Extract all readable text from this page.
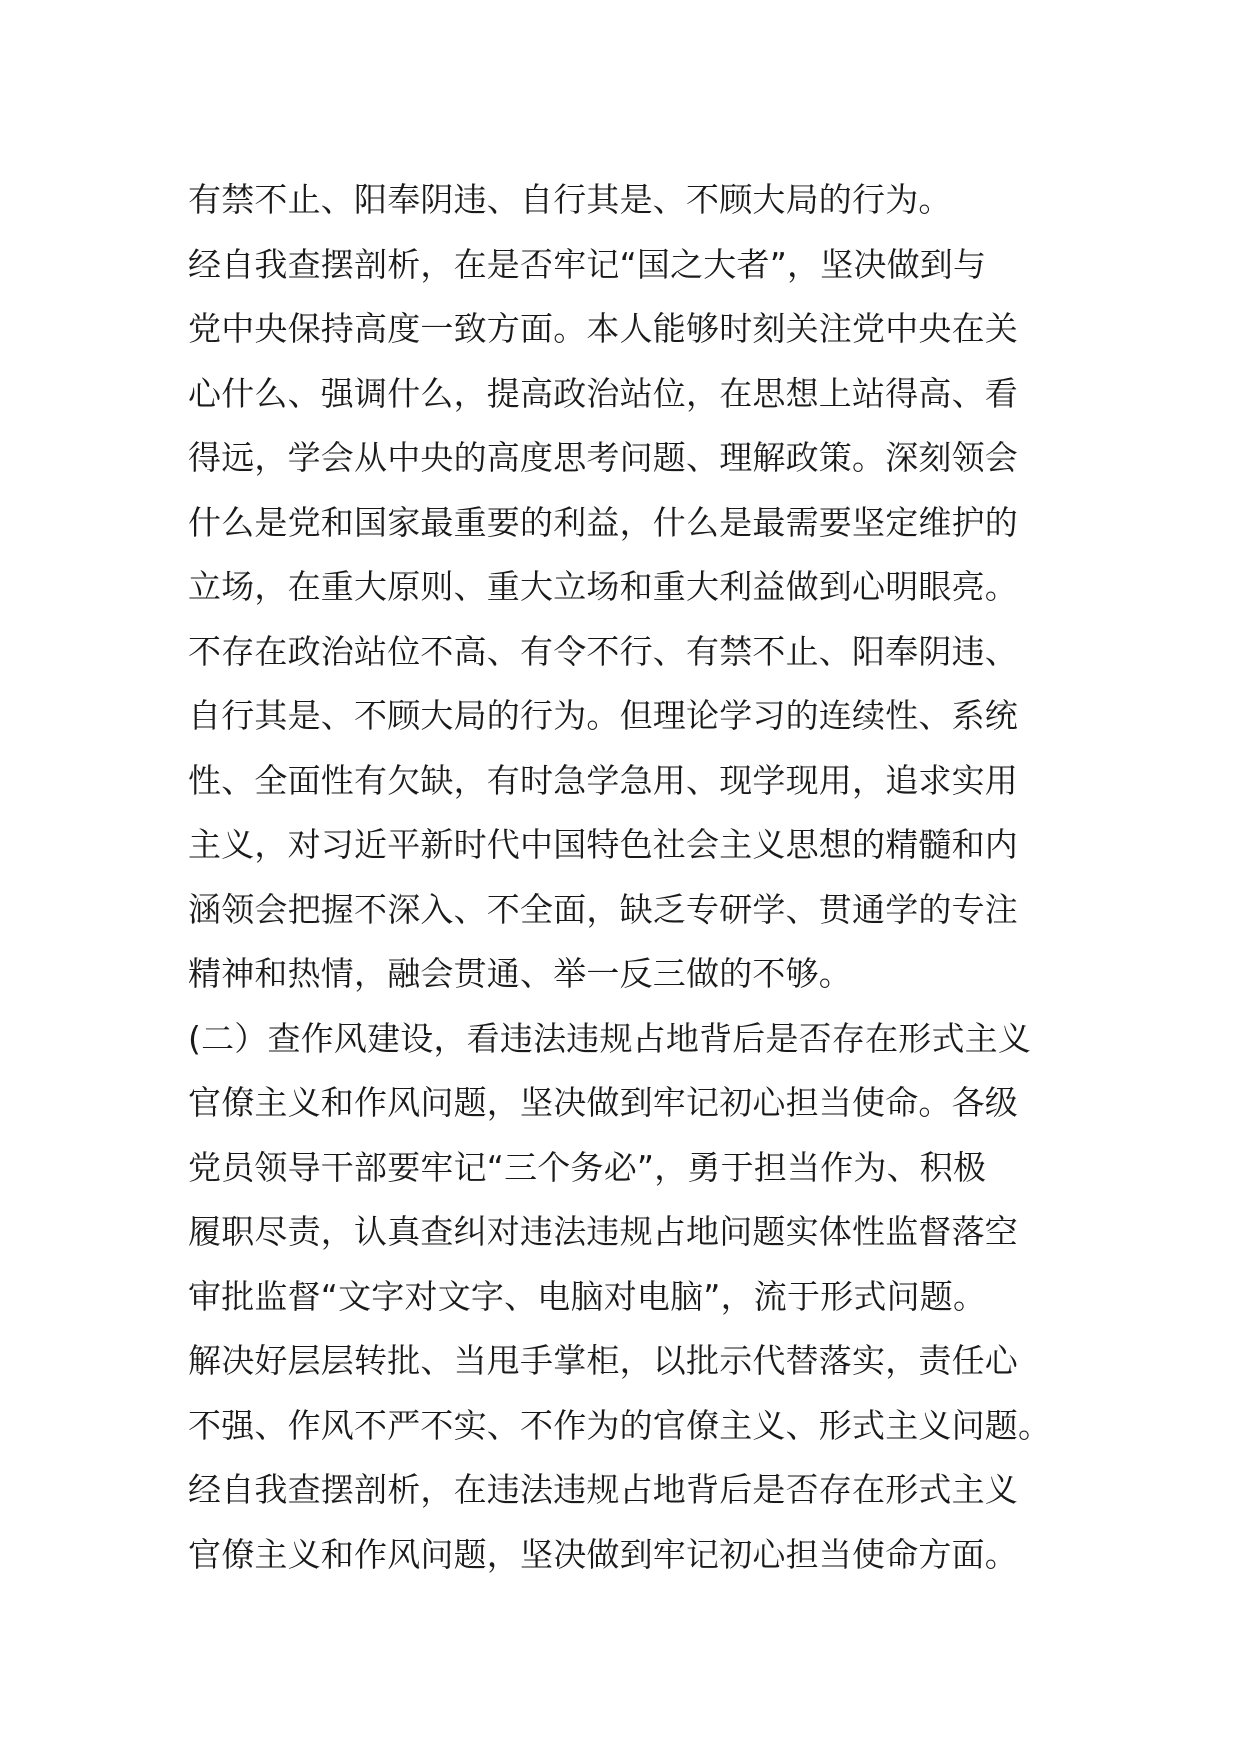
有禁不止、阳奉阴违、自行其是、不顾大局的行为。
经自我查摆剖析，在是否牢记“国之大者”，坚决做到与
党中央保持高度一致方面。本人能够时刻关注党中央在关
心什么、强调什么，提高政治站位，在思想上站得高、看
得远，学会从中央的高度思考问题、理解政策。深刻领会
什么是党和国家最重要的利益，什么是最需要坚定维护的
立场，在重大原则、重大立场和重大利益做到心明眼亮。
不存在政治站位不高、有令不行、有禁不止、阳奉阴违、
自行其是、不顾大局的行为。但理论学习的连续性、系统
性、全面性有欠缺，有时急学急用、现学现用，追求实用
主义，对习近平新时代中国特色社会主义思想的精髓和内
涵领会把握不深入、不全面，缺乏专研学、贯通学的专注
精神和热情，融会贯通、举一反三做的不够。
(二）查作风建设，看违法违规占地背后是否存在形式主义
官僚主义和作风问题，坚决做到牢记初心担当使命。各级
党员领导干部要牢记“三个务必”，勇于担当作为、积极
履职尽责，认真查纠对违法违规占地问题实体性监督落空
审批监督“文字对文字、电脑对电脑”，流于形式问题。
解决好层层转批、当甩手掌柜，以批示代替落实，责任心
不强、作风不严不实、不作为的官僚主义、形式主义问题。
经自我查摆剖析，在违法违规占地背后是否存在形式主义
官僚主义和作风问题，坚决做到牢记初心担当使命方面。
